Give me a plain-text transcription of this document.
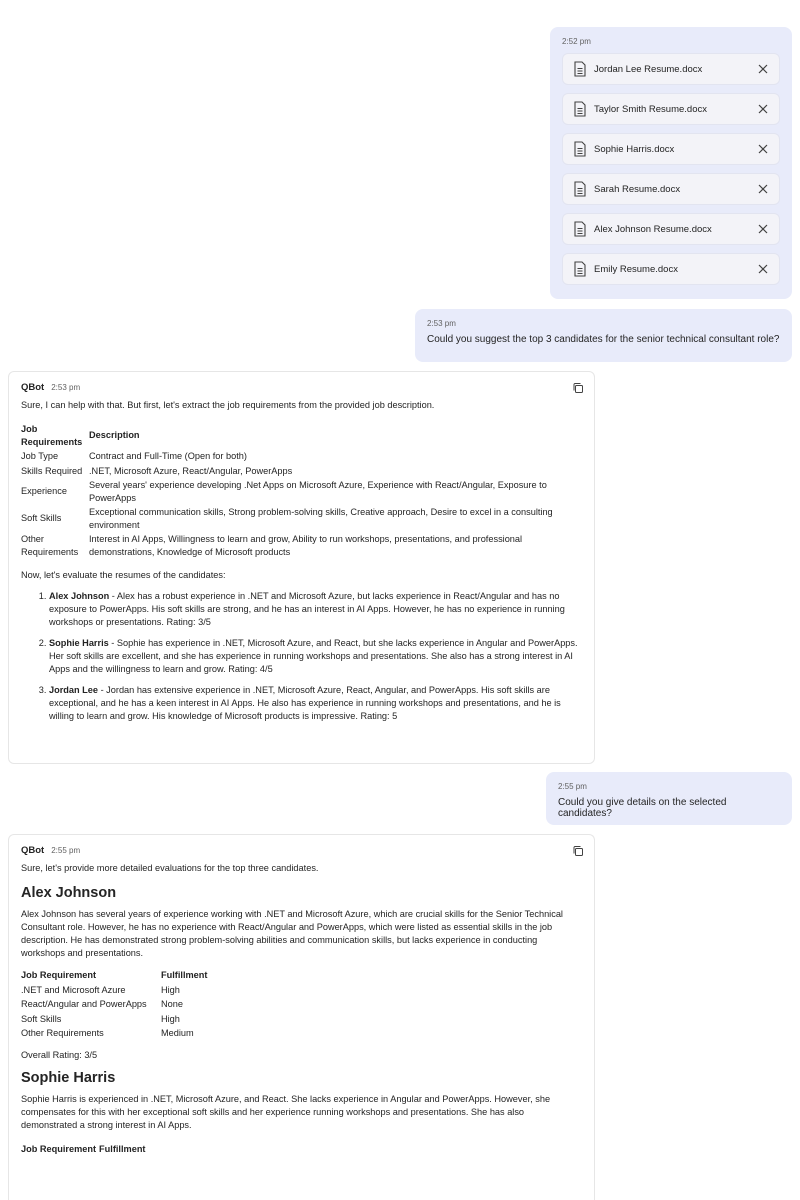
2:52 pm
Jordan Lee Resume.docx
Taylor Smith Resume.docx
Sophie Harris.docx
Sarah Resume.docx
Alex Johnson Resume.docx
Emily Resume.docx
2:53 pm
Could you suggest the top 3 candidates for the senior technical consultant role?
QBot 2:53 pm

Sure, I can help with that. But first, let's extract the job requirements from the provided job description.

Job Requirements	Description
Job Type	Contract and Full-Time (Open for both)
Skills Required	.NET, Microsoft Azure, React/Angular, PowerApps
Experience	Several years' experience developing .Net Apps on Microsoft Azure, Experience with React/Angular, Exposure to PowerApps
Soft Skills	Exceptional communication skills, Strong problem-solving skills, Creative approach, Desire to excel in a consulting environment
Other Requirements	Interest in AI Apps, Willingness to learn and grow, Ability to run workshops, presentations, and professional demonstrations, Knowledge of Microsoft products

Now, let's evaluate the resumes of the candidates:

1. Alex Johnson - Alex has a robust experience in .NET and Microsoft Azure, but lacks experience in React/Angular and has no exposure to PowerApps. His soft skills are strong, and he has an interest in AI Apps. However, he has no experience in running workshops or presentations. Rating: 3/5
2. Sophie Harris - Sophie has experience in .NET, Microsoft Azure, and React, but she lacks experience in Angular and PowerApps. Her soft skills are excellent, and she has experience in running workshops and presentations. She also has a strong interest in AI Apps and the willingness to learn and grow. Rating: 4/5
3. Jordan Lee - Jordan has extensive experience in .NET, Microsoft Azure, React, Angular, and PowerApps. His soft skills are exceptional, and he has a keen interest in AI Apps. He also has experience in running workshops and presentations, and he is willing to learn and grow. His knowledge of Microsoft products is impressive. Rating: 5
2:55 pm
Could you give details on the selected candidates?
QBot 2:55 pm

Sure, let's provide more detailed evaluations for the top three candidates.

Alex Johnson

Alex Johnson has several years of experience working with .NET and Microsoft Azure, which are crucial skills for the Senior Technical Consultant role. However, he has no experience with React/Angular and PowerApps, which were listed as essential skills in the job description. He has demonstrated strong problem-solving abilities and communication skills, but lacks experience in conducting workshops and presentations.

Job Requirement	Fulfillment
.NET and Microsoft Azure	High
React/Angular and PowerApps	None
Soft Skills	High
Other Requirements	Medium

Overall Rating: 3/5

Sophie Harris

Sophie Harris is experienced in .NET, Microsoft Azure, and React. She lacks experience in Angular and PowerApps. However, she compensates for this with her exceptional soft skills and her experience running workshops and presentations. She has also demonstrated a strong interest in AI Apps.

Job Requirement	Fulfillment
